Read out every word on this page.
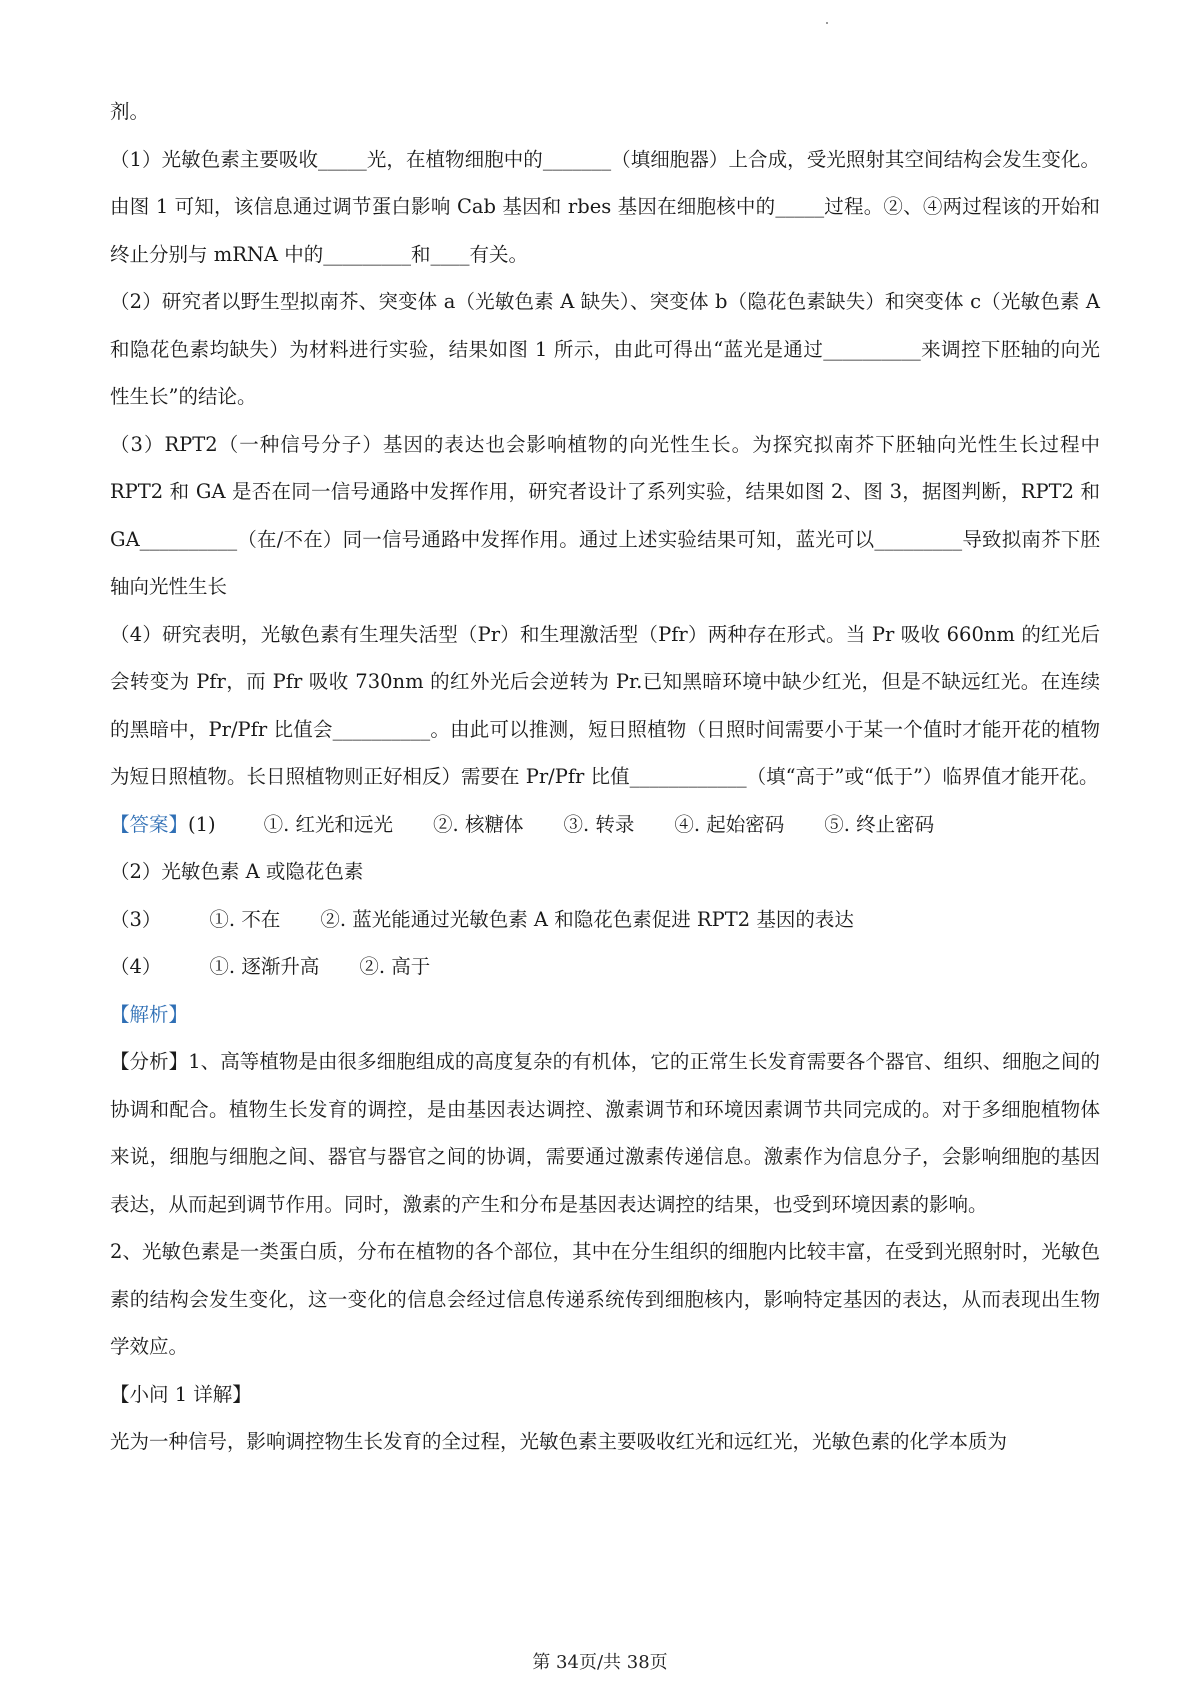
剂。

（1）光敏色素主要吸收_____光，在植物细胞中的_______（填细胞器）上合成，受光照射其空间结构会发生变化。由图 1 可知，该信息通过调节蛋白影响 Cab 基因和 rbes 基因在细胞核中的_____过程。②、④两过程该的开始和终止分别与 mRNA 中的_________和____有关。

（2）研究者以野生型拟南芥、突变体 a（光敏色素 A 缺失）、突变体 b（隐花色素缺失）和突变体 c（光敏色素 A 和隐花色素均缺失）为材料进行实验，结果如图 1 所示，由此可得出“蓝光是通过__________来调控下胚轴的向光性生长”的结论。

（3）RPT2（一种信号分子）基因的表达也会影响植物的向光性生长。为探究拟南芥下胚轴向光性生长过程中 RPT2 和 GA 是否在同一信号通路中发挥作用，研究者设计了系列实验，结果如图 2、图 3，据图判断，RPT2 和 GA__________（在/不在）同一信号通路中发挥作用。通过上述实验结果可知，蓝光可以_________导致拟南芥下胚轴向光性生长

（4）研究表明，光敏色素有生理失活型（Pr）和生理激活型（Pfr）两种存在形式。当 Pr 吸收 660nm 的红光后会转变为 Pfr，而 Pfr 吸收 730nm 的红外光后会逆转为 Pr.已知黑暗环境中缺少红光，但是不缺远红光。在连续的黑暗中，Pr/Pfr 比值会__________。由此可以推测，短日照植物（日照时间需要小于某一个值时才能开花的植物为短日照植物。长日照植物则正好相反）需要在 Pr/Pfr 比值____________（填“高于”或“低于”）临界值才能开花。

【答案】(1) ①. 红光和远光 ②. 核糖体 ③. 转录 ④. 起始密码 ⑤. 终止密码

（2）光敏色素 A 或隐花色素

（3） ①. 不在 ②. 蓝光能通过光敏色素 A 和隐花色素促进 RPT2 基因的表达

（4） ①. 逐渐升高 ②. 高于

【解析】

【分析】1、高等植物是由很多细胞组成的高度复杂的有机体，它的正常生长发育需要各个器官、组织、细胞之间的协调和配合。植物生长发育的调控，是由基因表达调控、激素调节和环境因素调节共同完成的。对于多细胞植物体来说，细胞与细胞之间、器官与器官之间的协调，需要通过激素传递信息。激素作为信息分子，会影响细胞的基因表达，从而起到调节作用。同时，激素的产生和分布是基因表达调控的结果，也受到环境因素的影响。

2、光敏色素是一类蛋白质，分布在植物的各个部位，其中在分生组织的细胞内比较丰富，在受到光照射时，光敏色素的结构会发生变化，这一变化的信息会经过信息传递系统传到细胞核内，影响特定基因的表达，从而表现出生物学效应。

【小问 1 详解】

光为一种信号，影响调控物生长发育的全过程，光敏色素主要吸收红光和远红光，光敏色素的化学本质为

第 34页/共 38页
